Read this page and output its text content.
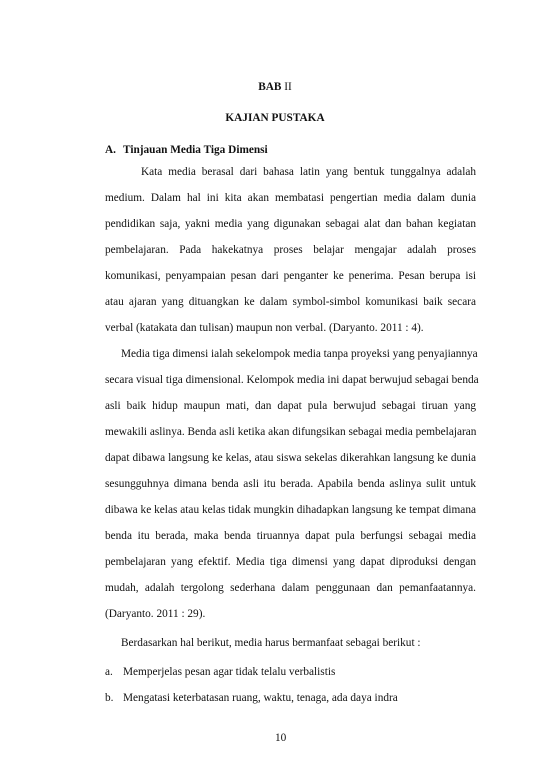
BAB II
KAJIAN PUSTAKA
A. Tinjauan Media Tiga Dimensi
Kata media berasal dari bahasa latin yang bentuk tunggalnya adalah
medium. Dalam hal ini kita akan membatasi pengertian media dalam dunia
pendidikan saja, yakni media yang digunakan sebagai alat dan bahan kegiatan
pembelajaran. Pada hakekatnya proses belajar mengajar adalah proses
komunikasi, penyampaian pesan dari penganter ke penerima. Pesan berupa isi
atau ajaran yang dituangkan ke dalam symbol-simbol komunikasi baik secara
verbal (katakata dan tulisan) maupun non verbal. (Daryanto. 2011 : 4).
Media tiga dimensi ialah sekelompok media tanpa proyeksi yang penyajiannya
secara visual tiga dimensional. Kelompok media ini dapat berwujud sebagai benda
asli baik hidup maupun mati, dan dapat pula berwujud sebagai tiruan yang
mewakili aslinya. Benda asli ketika akan difungsikan sebagai media pembelajaran
dapat dibawa langsung ke kelas, atau siswa sekelas dikerahkan langsung ke dunia
sesungguhnya dimana benda asli itu berada. Apabila benda aslinya sulit untuk
dibawa ke kelas atau kelas tidak mungkin dihadapkan langsung ke tempat dimana
benda itu berada, maka benda tiruannya dapat pula berfungsi sebagai media
pembelajaran yang efektif. Media tiga dimensi yang dapat diproduksi dengan
mudah, adalah tergolong sederhana dalam penggunaan dan pemanfaatannya.
(Daryanto. 2011 : 29).
Berdasarkan hal berikut, media harus bermanfaat sebagai berikut :
a. Memperjelas pesan agar tidak telalu verbalistis
b. Mengatasi keterbatasan ruang, waktu, tenaga, ada daya indra
10
